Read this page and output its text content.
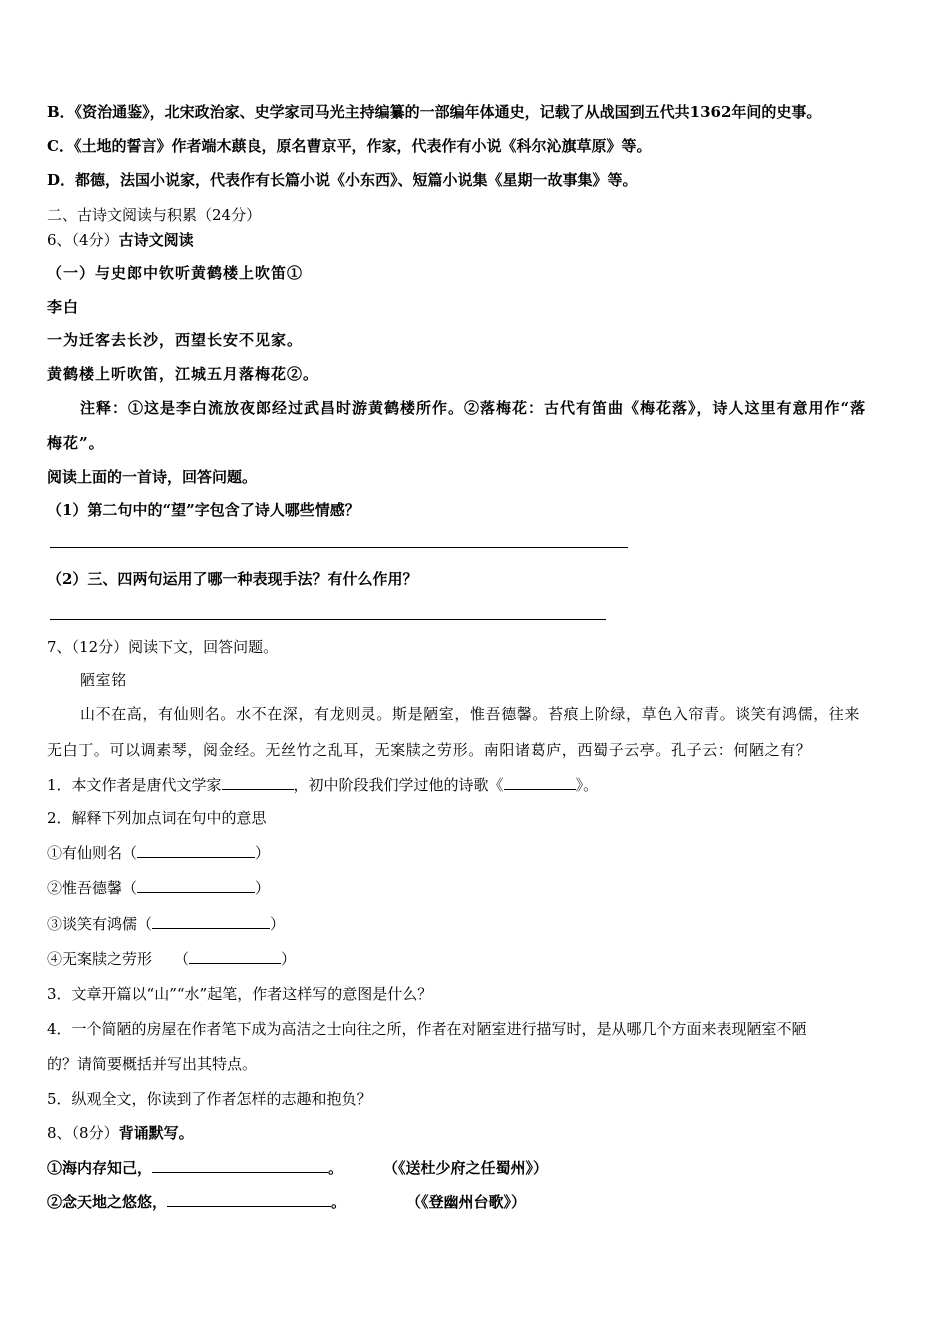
B．《资治通鉴》，北宋政治家、史学家司马光主持编纂的一部编年体通史，记载了从战国到五代共1362年间的史事。
C．《土地的誓言》作者端木蕻良，原名曹京平，作家，代表作有小说《科尔沁旗草原》等。
D．都德，法国小说家，代表作有长篇小说《小东西》、短篇小说集《星期一故事集》等。
二、古诗文阅读与积累（24分）
6、（4分）古诗文阅读
（一）与史郎中钦听黄鹤楼上吹笛①
李白
一为迁客去长沙，西望长安不见家。
黄鹤楼上听吹笛，江城五月落梅花②。
注释：①这是李白流放夜郎经过武昌时游黄鹤楼所作。②落梅花：古代有笛曲《梅花落》，诗人这里有意用作“落
梅花”。
阅读上面的一首诗，回答问题。
（1）第二句中的“望”字包含了诗人哪些情感？
（2）三、四两句运用了哪一种表现手法？有什么作用？
7、（12分）阅读下文，回答问题。
陋室铭
山不在高，有仙则名。水不在深，有龙则灵。斯是陋室，惟吾德馨。苔痕上阶绿，草色入帘青。谈笑有鸿儒，往来
无白丁。可以调素琴，阅金经。无丝竹之乱耳，无案牍之劳形。南阳诸葛庐，西蜀子云亭。孔子云：何陋之有？
1．本文作者是唐代文学家	，初中阶段我们学过他的诗歌《	》。
2．解释下列加点词在句中的意思
①有仙则名（	）
②惟吾德馨（	）
③谈笑有鸿儒（	）
④无案牍之劳形 （	）
3．文章开篇以“山”“水”起笔，作者这样写的意图是什么？
4．一个简陋的房屋在作者笔下成为高洁之士向往之所，作者在对陋室进行描写时，是从哪几个方面来表现陋室不陋
的？请简要概括并写出其特点。
5．纵观全文，你读到了作者怎样的志趣和抱负？
8、（8分）背诵默写。
①海内存知己，	。	（《送杜少府之任蜀州》）
②念天地之悠悠，	。	（《登幽州台歌》）
